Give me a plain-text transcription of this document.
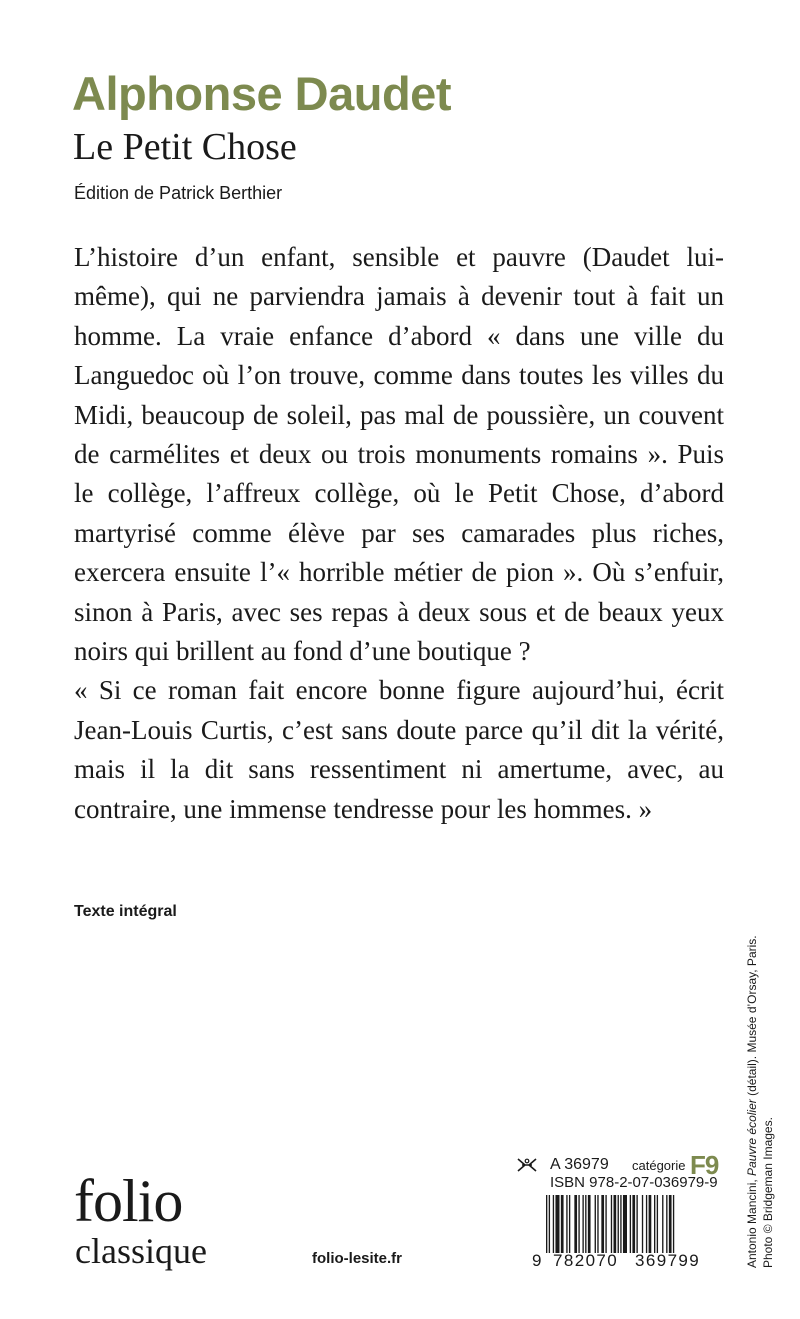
Alphonse Daudet
Le Petit Chose
Édition de Patrick Berthier

L’histoire d’un enfant, sensible et pauvre (Daudet lui-même), qui ne parviendra jamais à devenir tout à fait un homme. La vraie enfance d’abord « dans une ville du Languedoc où l’on trouve, comme dans toutes les villes du Midi, beaucoup de soleil, pas mal de poussière, un couvent de carmélites et deux ou trois monuments romains ». Puis le collège, l’affreux collège, où le Petit Chose, d’abord martyrisé comme élève par ses camarades plus riches, exercera ensuite l’« horrible métier de pion ». Où s’enfuir, sinon à Paris, avec ses repas à deux sous et de beaux yeux noirs qui brillent au fond d’une boutique ?

« Si ce roman fait encore bonne figure aujourd’hui, écrit Jean-Louis Curtis, c’est sans doute parce qu’il dit la vérité, mais il la dit sans ressentiment ni amertume, avec, au contraire, une immense tendresse pour les hommes. »

Texte intégral
Antonio Mancini, Pauvre écolier (détail). Musée d’Orsay, Paris.
Photo © Bridgeman Images.
folio
classique	folio-lesite.fr
A 36979 catégorie F9
ISBN 978-2-07-036979-9
9 782070 369799
